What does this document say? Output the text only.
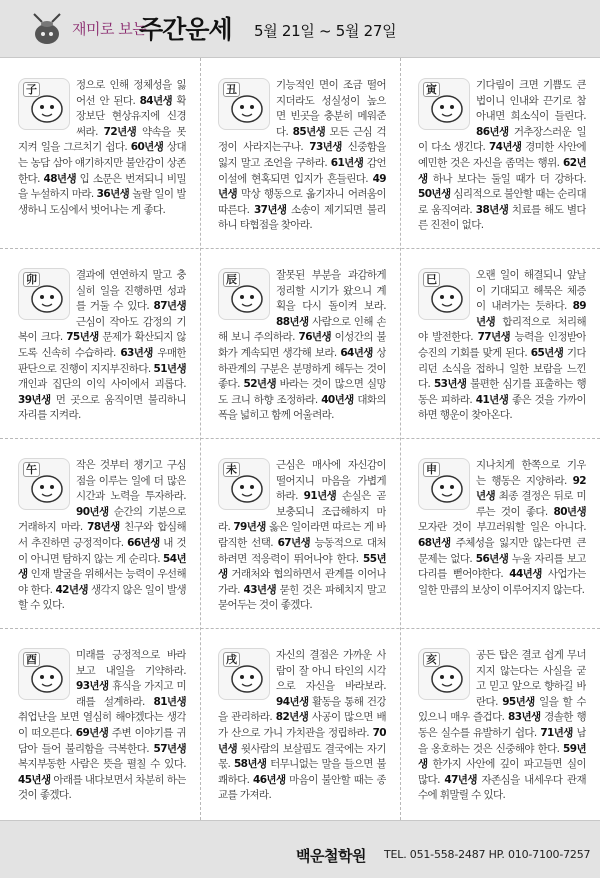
재미로 보는
주간운세 5월 21일 ~ 5월 27일
子	정으로 인해 정체성을 잃어선 안 된다. 84년생 확장보단 현상유지에 신경써라. 72년생 약속을 못지켜 일을 그르치기 쉽다. 60년생 상대는 농담 삼아 얘기하지만 불안감이 상존한다. 48년생 입 소문은 번져되니 비밀을 누설하지 마라. 36년생 놀랄 일이 발생하니 도심에서 벗어나는 게 좋다.
丑	기능적인 면이 조금 떨어지더라도 성실성이 높으면 빈곳을 충분히 메워준다. 85년생 모든 근심 걱정이 사라지는구나. 73년생 신중함을 잃지 말고 조언을 구하라. 61년생 감언이설에 현혹되면 입지가 흔들린다. 49년생 막상 행동으로 옮기자니 어려움이 따른다. 37년생 소송이 제기되면 불리하니 타협점을 찾아라.
寅	기다림이 크면 기쁨도 큰 법이니 인내와 끈기로 참아내면 희소식이 들린다. 86년생 거추장스러운 일이 다소 생긴다. 74년생 경미한 사안에 예민한 것은 자신을 좀먹는 행위. 62년생 하나 보다는 둘일 때가 더 강하다. 50년생 심리적으로 불안할 때는 순리대로 움직여라. 38년생 치료를 해도 별다른 진전이 없다.
卯	결과에 연연하지 말고 충실히 일을 진행하면 성과를 거둘 수 있다. 87년생 근심이 작아도 감정의 기복이 크다. 75년생 문제가 확산되지 않도록 신속히 수습하라. 63년생 우매한 판단으로 진행이 지지부진하다. 51년생 개인과 집단의 이익 사이에서 괴롭다. 39년생 먼 곳으로 움직이면 불리하니 자리를 지켜라.
辰	잘못된 부분을 과감하게 정리할 시기가 왔으니 계획을 다시 돌이켜 보라. 88년생 사람으로 인해 손해 보니 주의하라. 76년생 이성간의 불화가 계속되면 생각해 보라. 64년생 상하관계의 구분은 분명하게 해두는 것이 좋다. 52년생 바라는 것이 많으면 실망도 크니 하향 조정하라. 40년생 대화의 폭을 넓히고 함께 어울려라.
巳	오랜 일이 해결되니 앞날이 기대되고 해묵은 체증이 내려가는 듯하다. 89년생 합리적으로 처리해야 발전한다. 77년생 능력을 인정받아 승진의 기회를 맞게 된다. 65년생 기다리던 소식을 접하니 일한 보람을 느낀다. 53년생 불편한 심기를 표출하는 행동은 피하라. 41년생 좋은 것을 가까이하면 행운이 찾아온다.
午	작은 것부터 챙기고 구심점을 이루는 일에 더 많은 시간과 노력을 투자하라. 90년생 순간의 기분으로 거래하지 마라. 78년생 친구와 합심해서 추진하면 긍정적이다. 66년생 내 것이 아니면 탐하지 않는 게 순리다. 54년생 인재 발굴을 위해서는 능력이 우선해야 한다. 42년생 생각지 않은 일이 발생할 수 있다.
未	근심은 매사에 자신감이 떨어지니 마음을 가볍게 하라. 91년생 손실은 곧 보충되니 조급해하지 마라. 79년생 옳은 일이라면 따르는 게 바람직한 선택. 67년생 능동적으로 대처하려면 적응력이 뛰어나야 한다. 55년생 거래처와 협의하면서 관계를 이어나가라. 43년생 묻힌 것은 파헤치지 말고 묻어두는 것이 좋겠다.
申	지나치게 한쪽으로 기우는 행동은 지양하라. 92년생 최종 결정은 뒤로 미루는 것이 좋다. 80년생 모자란 것이 부끄러워할 일은 아니다. 68년생 주체성을 잃지만 않는다면 큰 문제는 없다. 56년생 누울 자리를 보고 다리를 뻗어야한다. 44년생 사업가는 일한 만큼의 보상이 이루어지지 않는다.
酉	미래를 긍정적으로 바라보고 내일을 기약하라. 93년생 휴식을 가지고 미래를 설계하라. 81년생 취업난을 보면 열심히 해야겠다는 생각이 떠오른다. 69년생 주변 이야기를 귀담아 들어 불리함을 극복한다. 57년생 복지부동한 사람은 뜻을 펼칠 수 있다. 45년생 아래를 내다보면서 차분히 하는 것이 좋겠다.
戌	자신의 결점은 가까운 사람이 잘 아니 타인의 시각으로 자신을 바라보라. 94년생 활동을 통해 건강을 관리하라. 82년생 사공이 많으면 배가 산으로 가니 가치관을 정립하라. 70년생 윗사람의 보살핌도 결국에는 자기 몫. 58년생 터무니없는 말을 들으면 불쾌하다. 46년생 마음이 불안할 때는 종교를 가져라.
亥	공든 탑은 결코 쉽게 무너지지 않는다는 사실을 굳고 믿고 앞으로 향하길 바란다. 95년생 일을 할 수 있으니 매우 즐겁다. 83년생 경솔한 행동은 실수를 유발하기 쉽다. 71년생 남을 옹호하는 것은 신중해야 한다. 59년생 한가지 사안에 깊이 파고들면 실이 많다. 47년생 자존심을 내세우다 관재수에 휘말릴 수 있다.
백운철학원 TEL. 051-558-2487 HP. 010-7100-7257
